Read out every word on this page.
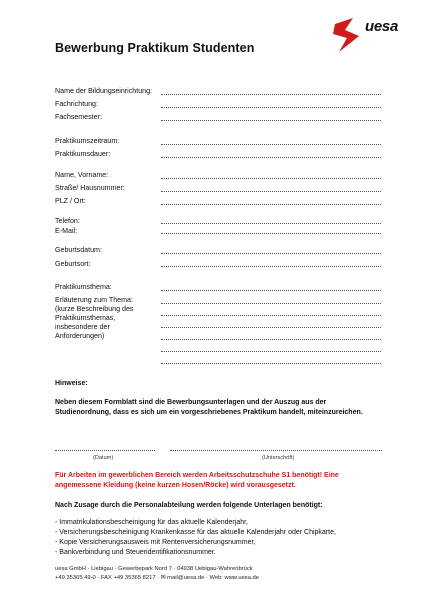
Bewerbung Praktikum Studenten
uesa
Name der Bildungseinrichtung:
Fachrichtung:
Fachsemester:
Praktikumszeitraum:
Praktikumsdauer:
Name, Vorname:
Straße/ Hausnummer:
PLZ / Ort:
Telefon:
E-Mail:
Geburtsdatum:
Geburtsort:
Praktikumsthema:
Erläuterung zum Thema:
(kurze Beschreibung des
Praktikumsthemas,
insbesondere der
Anforderungen)
Hinweise:
Neben diesem Formblatt sind die Bewerbungsunterlagen und der Auszug aus der
Studienordnung, dass es sich um ein vorgeschriebenes Praktikum handelt, miteinzureichen.
(Datum)	(Unterschrift)
Für Arbeiten im gewerblichen Bereich werden Arbeitsschutzschuhe S1 benötigt! Eine
angemessene Kleidung (keine kurzen Hosen/Röcke) wird vorausgesetzt.
Nach Zusage durch die Personalabteilung werden folgende Unterlagen benötigt:
- Immatrikulationsbescheinigung für das aktuelle Kalenderjahr,
- Versicherungsbescheinigung Krankenkasse für das aktuelle Kalenderjahr oder Chipkarte,
- Kopie Versicherungsausweis mit Rentenversicherungsnummer,
- Bankverbindung und Steueridentifikationsnummer.
uesa GmbH · Liebigau · Gewerbepark Nord 7 · 04938 Uebigau-Wahrenbrück
+49 35365 49-0 · FAX +49 35365 8217 · ✉ mail@uesa.de · Web: www.uesa.de
